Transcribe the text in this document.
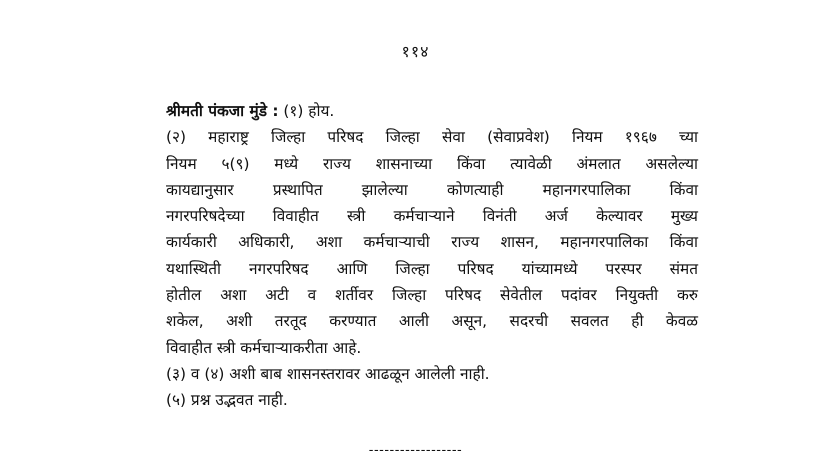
११४
श्रीमती पंकजा मुंडे : (१) होय.
(२) महाराष्ट्र जिल्हा परिषद जिल्हा सेवा (सेवाप्रवेश) नियम १९६७ च्या
नियम ५(९) मध्ये राज्य शासनाच्या किंवा त्यावेळी अंमलात असलेल्या
कायद्यानुसार प्रस्थापित झालेल्या कोणत्याही महानगरपालिका किंवा
नगरपरिषदेच्या विवाहीत स्त्री कर्मचाऱ्याने विनंती अर्ज केल्यावर मुख्य
कार्यकारी अधिकारी, अशा कर्मचाऱ्याची राज्य शासन, महानगरपालिका किंवा
यथास्थिती नगरपरिषद आणि जिल्हा परिषद यांच्यामध्ये परस्पर संमत
होतील अशा अटी व शर्तीवर जिल्हा परिषद सेवेतील पदांवर नियुक्ती करु
शकेल, अशी तरतूद करण्यात आली असून, सदरची सवलत ही केवळ
विवाहीत स्त्री कर्मचाऱ्याकरीता आहे.
(३) व (४) अशी बाब शासनस्तरावर आढळून आलेली नाही.
(५) प्रश्न उद्भवत नाही.
------------------
